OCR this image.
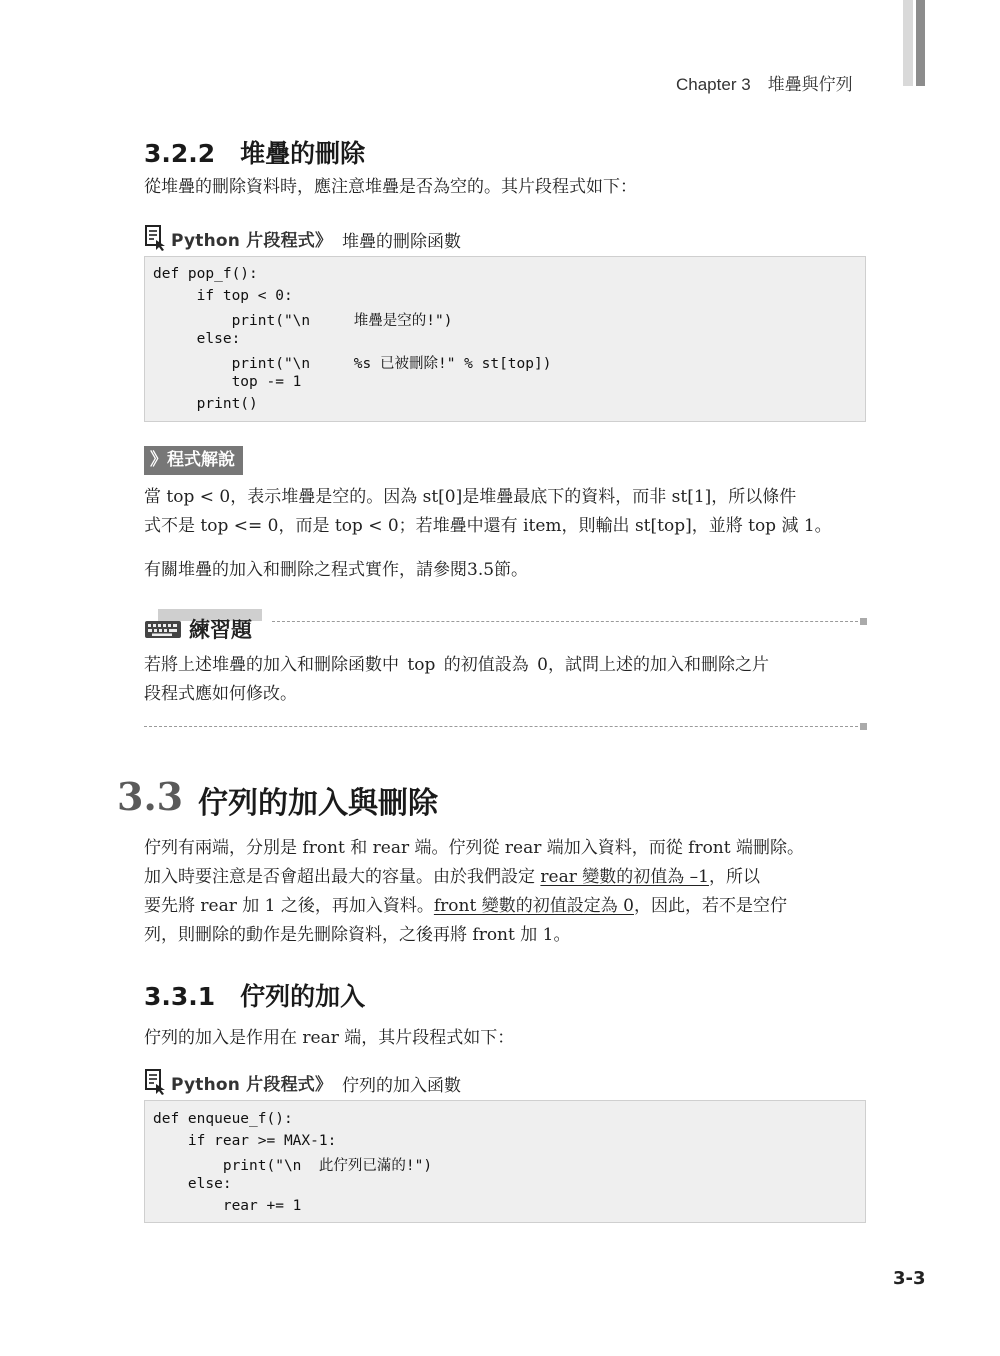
Chapter 3　堆疊與佇列
3.2.2　堆疊的刪除
從堆疊的刪除資料時，應注意堆疊是否為空的。其片段程式如下：
Python 片段程式》 堆疊的刪除函數
def pop_f():
if top < 0:
print("\n     堆疊是空的!")
else:
print("\n     %s 已被刪除!" % st[top])
top -= 1
print()
》程式解說
當 top < 0，表示堆疊是空的。因為 st[0]是堆疊最底下的資料，而非 st[1]，所以條件
式不是 top <= 0，而是 top < 0；若堆疊中還有 item，則輸出 st[top]，並將 top 減 1。
有關堆疊的加入和刪除之程式實作，請參閱3.5節。
練習題
若將上述堆疊的加入和刪除函數中 top 的初值設為 0，試問上述的加入和刪除之片
段程式應如何修改。
3.3 佇列的加入與刪除
佇列有兩端，分別是 front 和 rear 端。佇列從 rear 端加入資料，而從 front 端刪除。
加入時要注意是否會超出最大的容量。由於我們設定 rear 變數的初值為 –1，所以
要先將 rear 加 1 之後，再加入資料。front 變數的初值設定為 0，因此，若不是空佇
列，則刪除的動作是先刪除資料，之後再將 front 加 1。
3.3.1　佇列的加入
佇列的加入是作用在 rear 端，其片段程式如下：
Python 片段程式》 佇列的加入函數
def enqueue_f():
if rear >= MAX-1:
print("\n  此佇列已滿的!")
else:
rear += 1
3-3
